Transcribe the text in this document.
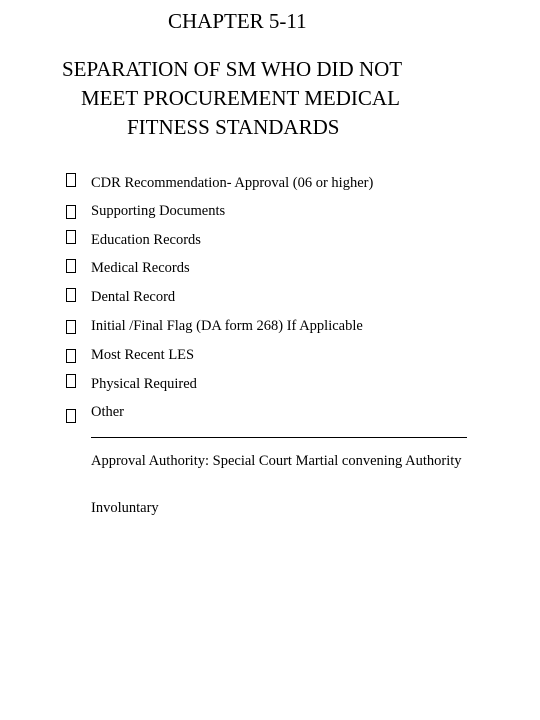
CHAPTER 5-11
SEPARATION OF SM WHO DID NOT
MEET PROCUREMENT MEDICAL
FITNESS STANDARDS
CDR Recommendation- Approval (06 or higher)
Supporting Documents
Education Records
Medical Records
Dental Record
Initial /Final Flag (DA form 268) If Applicable
Most Recent LES
Physical Required
Other
Approval Authority: Special Court Martial convening Authority
Involuntary
